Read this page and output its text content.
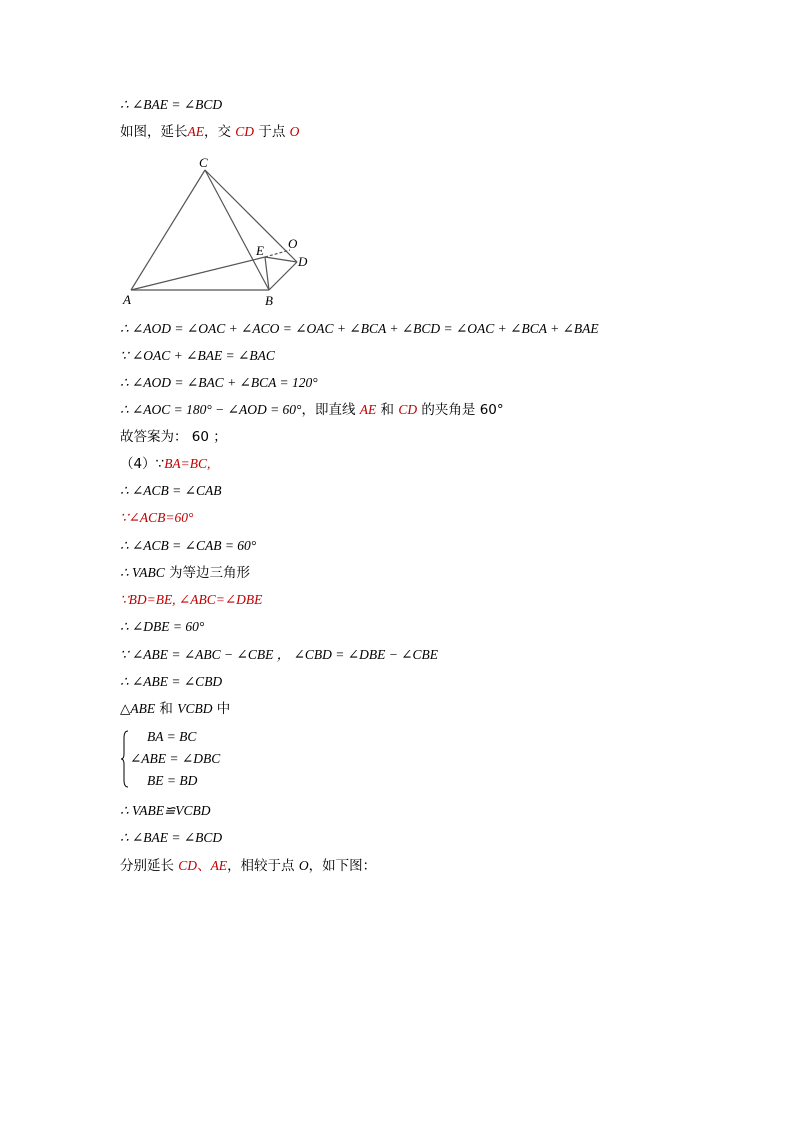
∴ ∠BAE = ∠BCD
如图，延长AE，交 CD 于点 O
C
E O
D
A	B
∴ ∠AOD = ∠OAC + ∠ACO = ∠OAC + ∠BCA + ∠BCD = ∠OAC + ∠BCA + ∠BAE
∵ ∠OAC + ∠BAE = ∠BAC
∴ ∠AOD = ∠BAC + ∠BCA = 120°
∴ ∠AOC = 180° − ∠AOD = 60°，即直线 AE 和 CD 的夹角是 60°
故答案为： 60 ；
（4）∵BA=BC,
∴ ∠ACB = ∠CAB
∵∠ACB=60°
∴ ∠ACB = ∠CAB = 60°
∴ VABC 为等边三角形
∵BD=BE, ∠ABC=∠DBE
∴ ∠DBE = 60°
∵ ∠ABE = ∠ABC − ∠CBE ， ∠CBD = ∠DBE − ∠CBE
∴ ∠ABE = ∠CBD
△ABE 和 VCBD 中
BA = BC
∠ABE = ∠DBC
BE = BD
∴ VABE≌VCBD
∴ ∠BAE = ∠BCD
分别延长 CD、AE，相较于点 O，如下图：
